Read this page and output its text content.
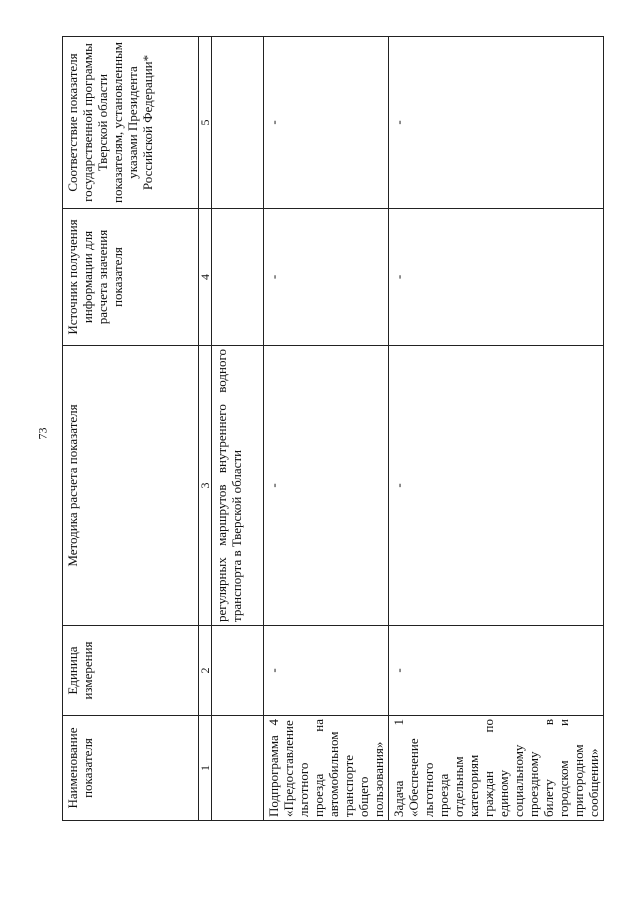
73
Наименование показателя	Единица измерения	Методика расчета показателя	Источник получения информации для расчета значения показателя	Соответствие показателя государственной программы Тверской области показателям, установленным указами Президента Российской Федерации*
1	2	3	4	5
		регулярных маршрутов внутреннего водного транспорта в Тверской области		
Подпрограмма 4 «Предоставление льготного проезда на автомобильном транспорте общего пользования»	-	-	-	-
Задача 1 «Обеспечение льготного проезда отдельным категориям граждан по единому социальному проездному билету в городском и пригородном сообщении»	-	-	-	-
